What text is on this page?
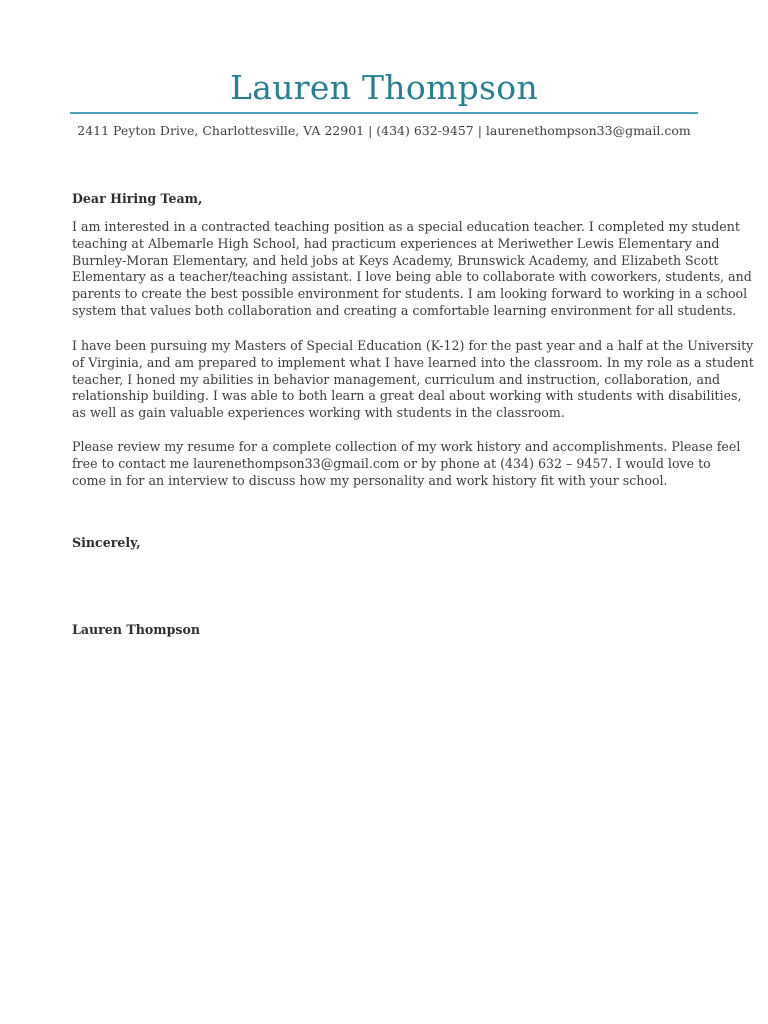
Lauren Thompson
2411 Peyton Drive, Charlottesville, VA 22901 | (434) 632-9457 | laurenethompson33@gmail.com
Dear Hiring Team,
I am interested in a contracted teaching position as a special education teacher. I completed my student
teaching at Albemarle High School, had practicum experiences at Meriwether Lewis Elementary and
Burnley-Moran Elementary, and held jobs at Keys Academy, Brunswick Academy, and Elizabeth Scott
Elementary as a teacher/teaching assistant. I love being able to collaborate with coworkers, students, and
parents to create the best possible environment for students. I am looking forward to working in a school
system that values both collaboration and creating a comfortable learning environment for all students.
I have been pursuing my Masters of Special Education (K-12) for the past year and a half at the University
of Virginia, and am prepared to implement what I have learned into the classroom. In my role as a student
teacher, I honed my abilities in behavior management, curriculum and instruction, collaboration, and
relationship building. I was able to both learn a great deal about working with students with disabilities,
as well as gain valuable experiences working with students in the classroom.
Please review my resume for a complete collection of my work history and accomplishments. Please feel
free to contact me laurenethompson33@gmail.com or by phone at (434) 632 – 9457. I would love to
come in for an interview to discuss how my personality and work history fit with your school.
Sincerely,
Lauren Thompson
